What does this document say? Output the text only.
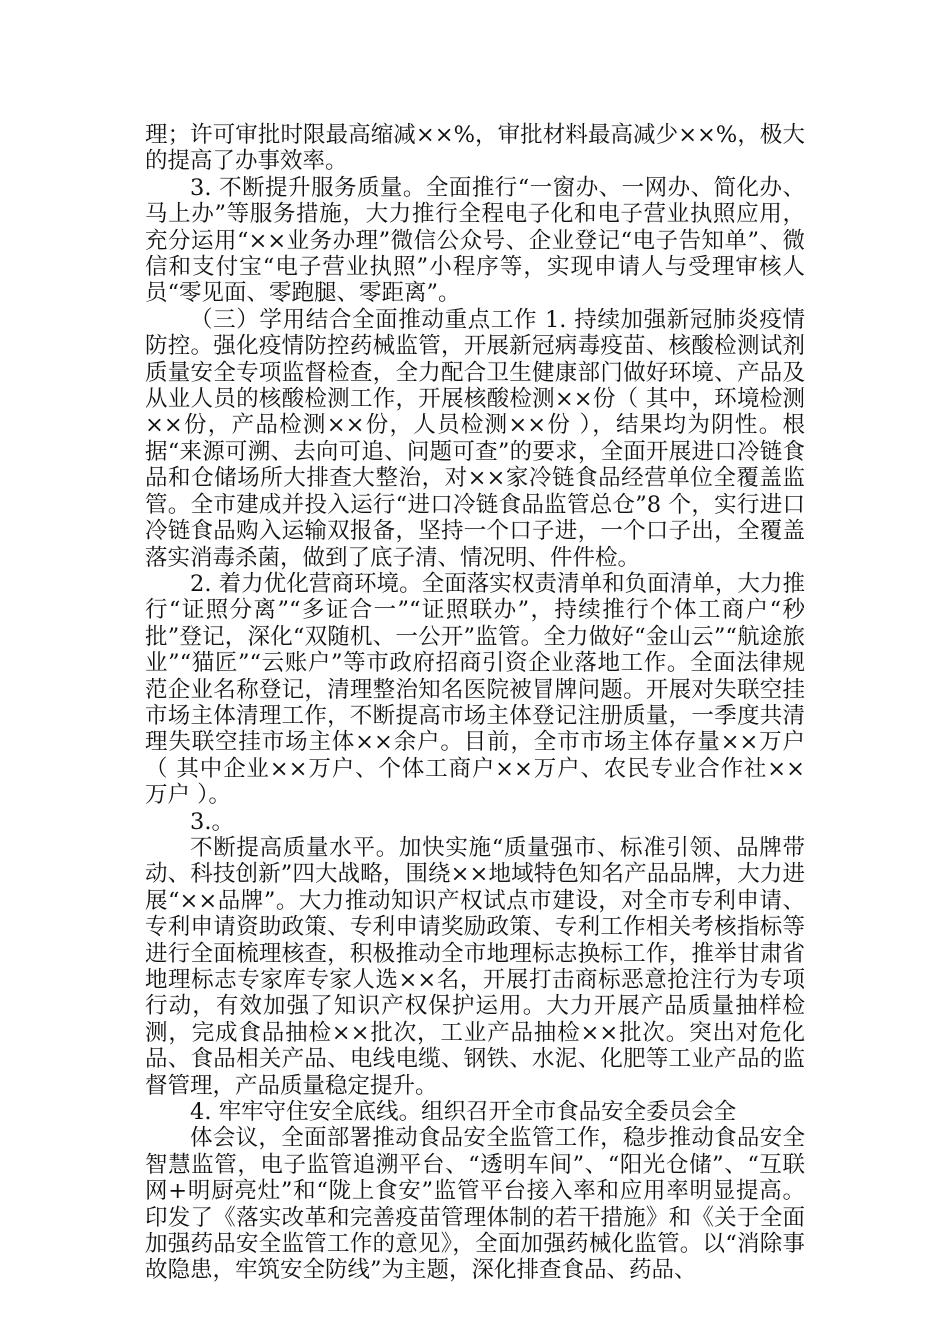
理；许可审批时限最高缩减××%，审批材料最高减少××%，极大的提高了办事效率。

3. 不断提升服务质量。全面推行“一窗办、一网办、简化办、马上办”等服务措施，大力推行全程电子化和电子营业执照应用，充分运用“××业务办理”微信公众号、企业登记“电子告知单”、微信和支付宝“电子营业执照”小程序等，实现申请人与受理审核人员“零见面、零跑腿、零距离”。

（三）学用结合全面推动重点工作 1. 持续加强新冠肺炎疫情防控。强化疫情防控药械监管，开展新冠病毒疫苗、核酸检测试剂质量安全专项监督检查，全力配合卫生健康部门做好环境、产品及从业人员的核酸检测工作，开展核酸检测××份（ 其中，环境检测××份，产品检测××份，人员检测××份 ），结果均为阴性。根据“来源可溯、去向可追、问题可查”的要求，全面开展进口冷链食品和仓储场所大排查大整治，对××家冷链食品经营单位全覆盖监管。全市建成并投入运行“进口冷链食品监管总仓”8 个，实行进口冷链食品购入运输双报备，坚持一个口子进，一个口子出，全覆盖落实消毒杀菌，做到了底子清、情况明、件件检。

2. 着力优化营商环境。全面落实权责清单和负面清单，大力推行“证照分离”“多证合一”“证照联办”，持续推行个体工商户“秒批”登记，深化“双随机、一公开”监管。全力做好“金山云”“航途旅业”“猫匠”“云账户”等市政府招商引资企业落地工作。全面法律规范企业名称登记，清理整治知名医院被冒牌问题。开展对失联空挂市场主体清理工作，不断提高市场主体登记注册质量，一季度共清理失联空挂市场主体××余户。目前，全市市场主体存量××万户（ 其中企业××万户、个体工商户××万户、农民专业合作社××万户 ）。

3.。

不断提高质量水平。加快实施“质量强市、标准引领、品牌带动、科技创新”四大战略，围绕××地域特色知名产品品牌，大力进展“××品牌”。大力推动知识产权试点市建设，对全市专利申请、专利申请资助政策、专利申请奖励政策、专利工作相关考核指标等进行全面梳理核查，积极推动全市地理标志换标工作，推举甘肃省地理标志专家库专家人选××名，开展打击商标恶意抢注行为专项行动，有效加强了知识产权保护运用。大力开展产品质量抽样检测，完成食品抽检××批次，工业产品抽检××批次。突出对危化品、食品相关产品、电线电缆、钢铁、水泥、化肥等工业产品的监督管理，产品质量稳定提升。

4. 牢牢守住安全底线。组织召开全市食品安全委员会全

体会议，全面部署推动食品安全监管工作，稳步推动食品安全智慧监管，电子监管追溯平台、“透明车间”、“阳光仓储”、“互联网+明厨亮灶”和“陇上食安”监管平台接入率和应用率明显提高。印发了《落实改革和完善疫苗管理体制的若干措施》和《关于全面加强药品安全监管工作的意见》，全面加强药械化监管。以“消除事故隐患，牢筑安全防线”为主题，深化排查食品、药品、
